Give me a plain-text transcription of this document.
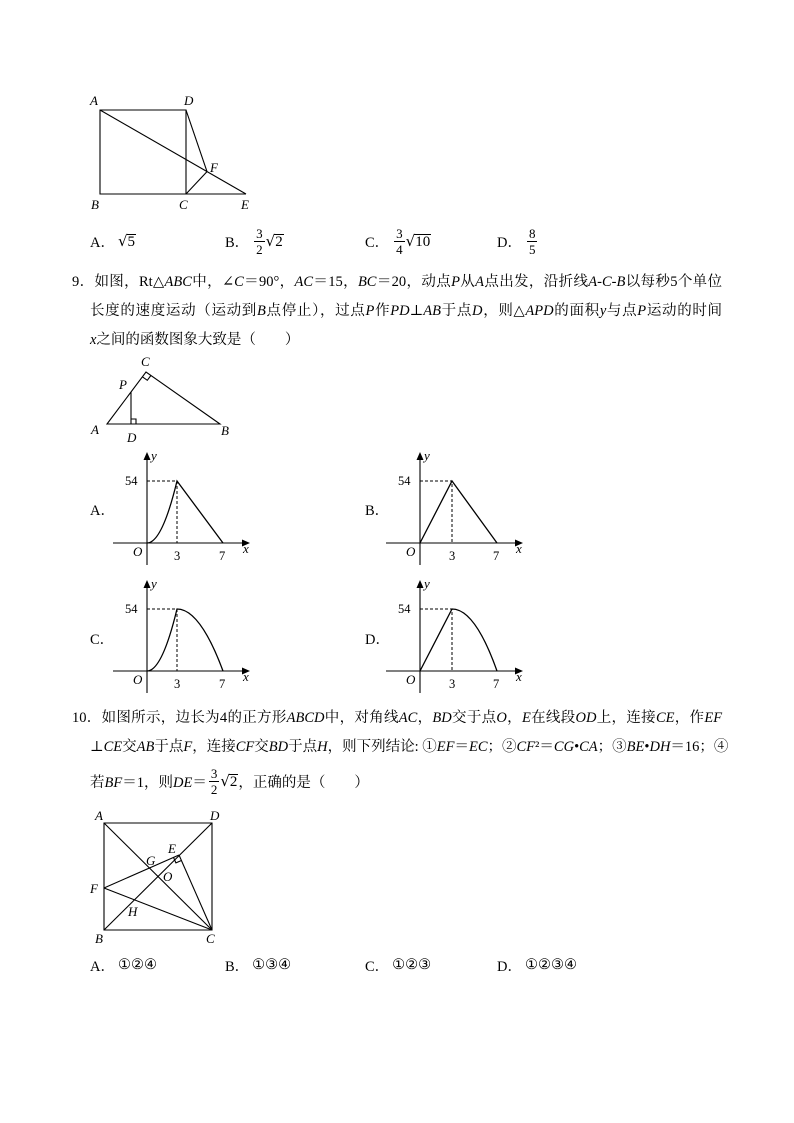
A	D
F
B	C	E
A． √ 5	B． $\frac{3}{2}$ √ 2	C． $\frac{3}{4}$ √ 10	D． $\frac{8}{5}$
9．如图，Rt△ABC中，∠C＝90°，AC＝15，BC＝20，动点P从A点出发，沿折线A-C-B以每秒5个单位
长度的速度运动（运动到B点停止），过点P作PD⊥AB于点D，则△APD的面积y与点P运动的时间
x之间的函数图象大致是（　　）
C
P
A
D	B
A．
y
x
54
O	3	7
B．
y
x
54
O	3	7
C．
y
x
54
O	3	7
D．
y
x
54
O	3	7
10．如图所示，边长为4的正方形ABCD中，对角线AC，BD交于点O，E在线段OD上，连接CE，作EF
⊥CE交AB于点F，连接CF交BD于点H，则下列结论: ①EF＝EC；②CF²＝CG•CA；③BE•DH＝16；④
若BF＝1，则$DE= \frac{3}{2}$ √ 2 ，正确的是（　　）
A	D
B	C
F
G
E
O
H
A． ①②④	B． ①③④	C． ①②③	D． ①②③④
